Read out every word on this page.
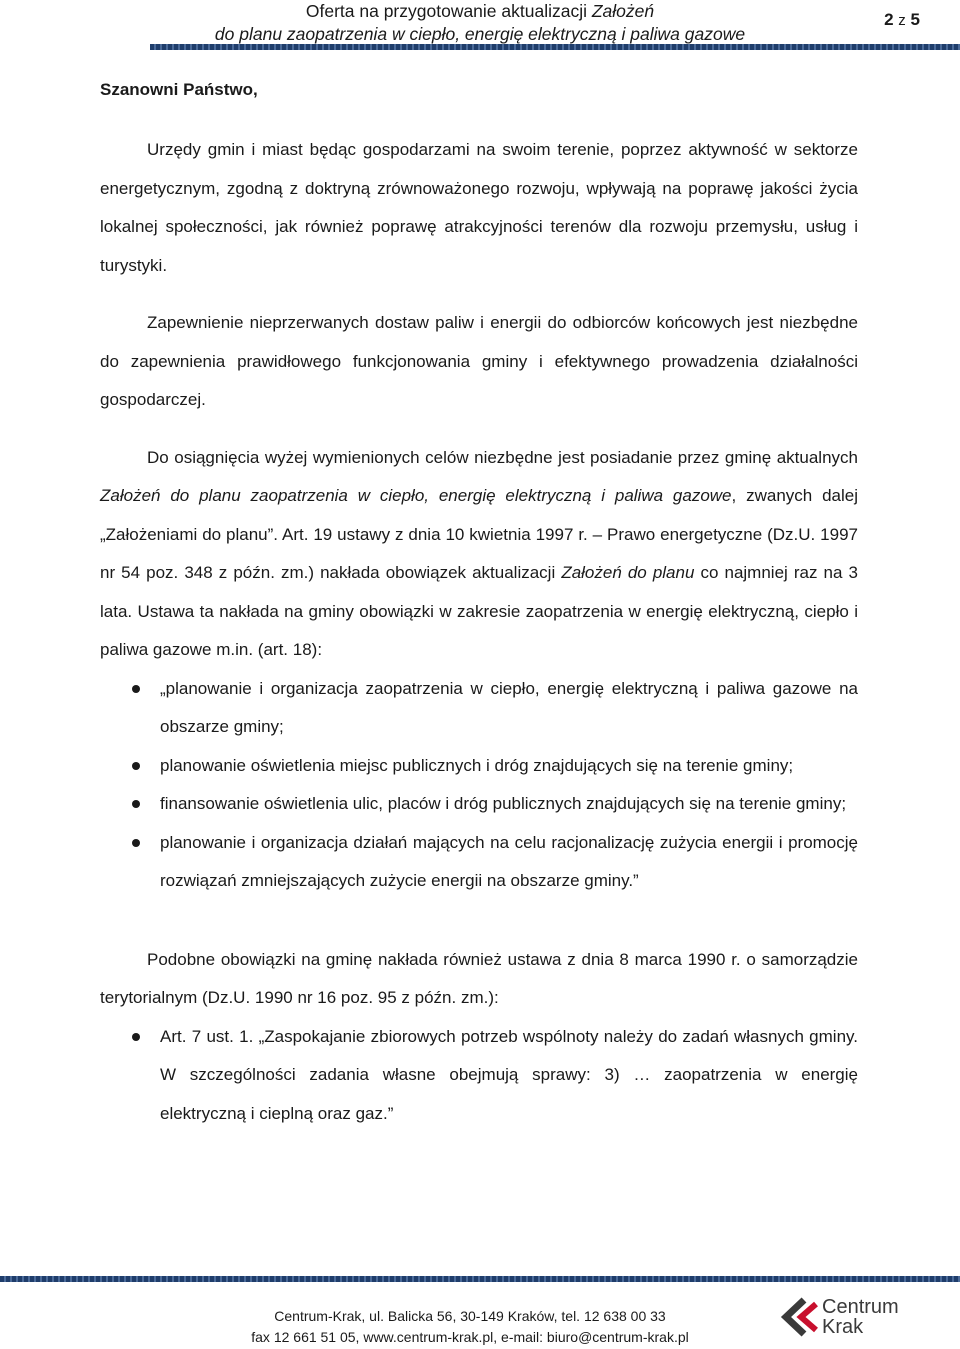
Oferta na przygotowanie aktualizacji Założeń
do planu zaopatrzenia w ciepło, energię elektryczną i paliwa gazowe
2 z 5
Szanowni Państwo,

Urzędy gmin i miast będąc gospodarzami na swoim terenie, poprzez aktywność w sektorze energetycznym, zgodną z doktryną zrównoważonego rozwoju, wpływają na poprawę jakości życia lokalnej społeczności, jak również poprawę atrakcyjności terenów dla rozwoju przemysłu, usług i turystyki.

Zapewnienie nieprzerwanych dostaw paliw i energii do odbiorców końcowych jest niezbędne do zapewnienia prawidłowego funkcjonowania gminy i efektywnego prowadzenia działalności gospodarczej.

Do osiągnięcia wyżej wymienionych celów niezbędne jest posiadanie przez gminę aktualnych Założeń do planu zaopatrzenia w ciepło, energię elektryczną i paliwa gazowe, zwanych dalej „Założeniami do planu”. Art. 19 ustawy z dnia 10 kwietnia 1997 r. – Prawo energetyczne (Dz.U. 1997 nr 54 poz. 348 z późn. zm.) nakłada obowiązek aktualizacji Założeń do planu co najmniej raz na 3 lata. Ustawa ta nakłada na gminy obowiązki w zakresie zaopatrzenia w energię elektryczną, ciepło i paliwa gazowe m.in. (art. 18):

„planowanie i organizacja zaopatrzenia w ciepło, energię elektryczną i paliwa gazowe na obszarze gminy;
planowanie oświetlenia miejsc publicznych i dróg znajdujących się na terenie gminy;
finansowanie oświetlenia ulic, placów i dróg publicznych znajdujących się na terenie gminy;
planowanie i organizacja działań mających na celu racjonalizację zużycia energii i promocję rozwiązań zmniejszających zużycie energii na obszarze gminy.”

Podobne obowiązki na gminę nakłada również ustawa z dnia 8 marca 1990 r. o samorządzie terytorialnym (Dz.U. 1990 nr 16 poz. 95 z późn. zm.):

Art. 7 ust. 1. „Zaspokajanie zbiorowych potrzeb wspólnoty należy do zadań własnych gminy. W szczególności zadania własne obejmują sprawy: 3) … zaopatrzenia w energię elektryczną i cieplną oraz gaz.”
Centrum-Krak, ul. Balicka 56, 30-149 Kraków, tel. 12 638 00 33
fax 12 661 51 05, www.centrum-krak.pl, e-mail: biuro@centrum-krak.pl
Centrum
Krak
